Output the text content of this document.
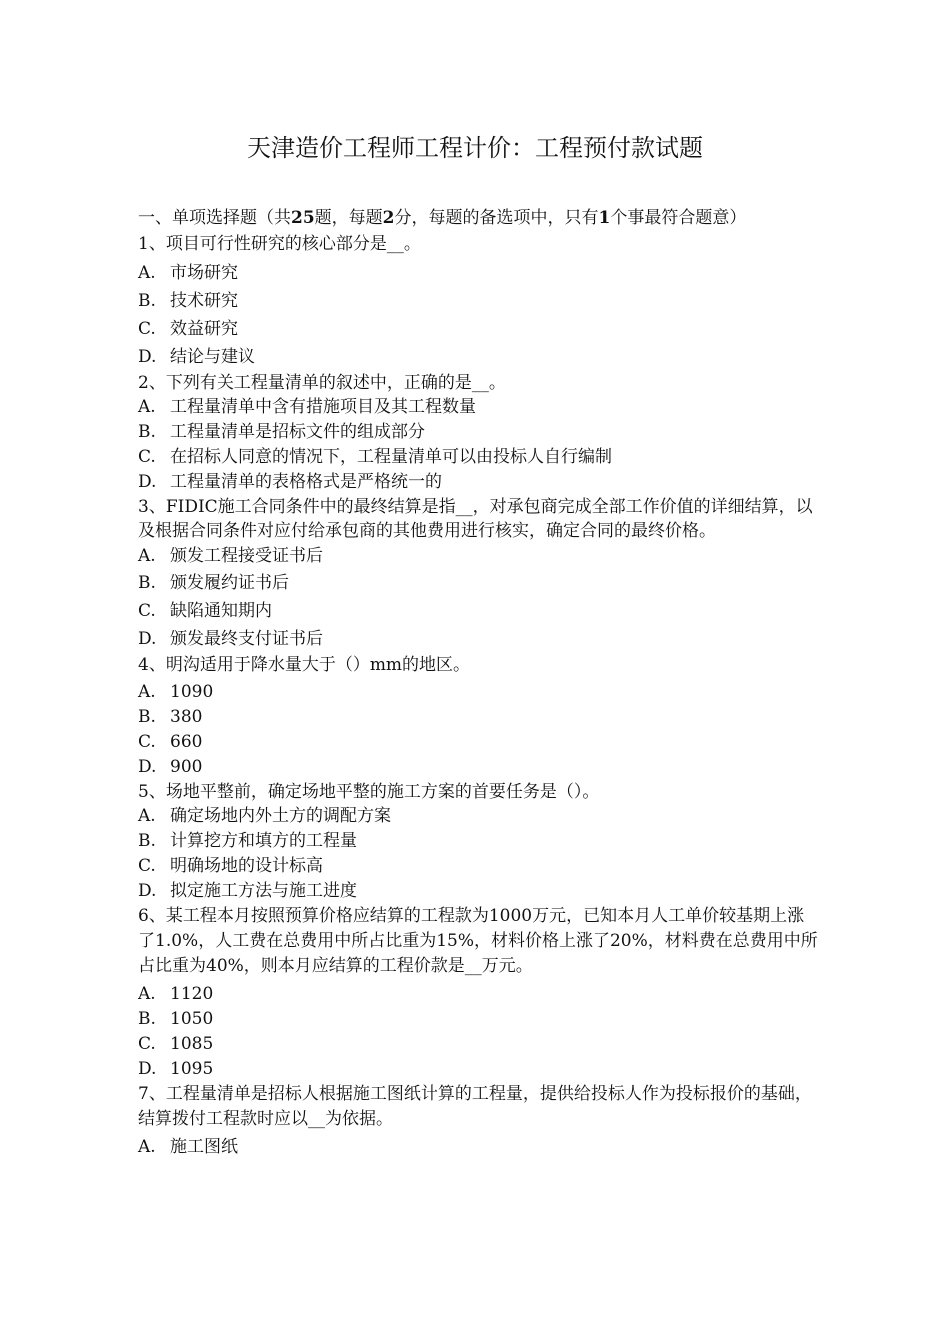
天津造价工程师工程计价：工程预付款试题

一、单项选择题（共25题，每题2分，每题的备选项中，只有1个事最符合题意）

1、项目可行性研究的核心部分是__。

A. 市场研究

B. 技术研究

C. 效益研究

D. 结论与建议

2、下列有关工程量清单的叙述中，正确的是__。

A. 工程量清单中含有措施项目及其工程数量

B. 工程量清单是招标文件的组成部分

C. 在招标人同意的情况下，工程量清单可以由投标人自行编制

D. 工程量清单的表格格式是严格统一的

3、FIDIC施工合同条件中的最终结算是指__，对承包商完成全部工作价值的详细结算，以及根据合同条件对应付给承包商的其他费用进行核实，确定合同的最终价格。

A. 颁发工程接受证书后

B. 颁发履约证书后

C. 缺陷通知期内

D. 颁发最终支付证书后

4、明沟适用于降水量大于（）mm的地区。

A. 1090

B. 380

C. 660

D. 900

5、场地平整前，确定场地平整的施工方案的首要任务是（）。

A. 确定场地内外土方的调配方案

B. 计算挖方和填方的工程量

C. 明确场地的设计标高

D. 拟定施工方法与施工进度

6、某工程本月按照预算价格应结算的工程款为1000万元，已知本月人工单价较基期上涨了1.0%，人工费在总费用中所占比重为15%，材料价格上涨了20%，材料费在总费用中所占比重为40%，则本月应结算的工程价款是__万元。

A. 1120

B. 1050

C. 1085

D. 1095

7、工程量清单是招标人根据施工图纸计算的工程量，提供给投标人作为投标报价的基础，结算拨付工程款时应以__为依据。

A. 施工图纸
